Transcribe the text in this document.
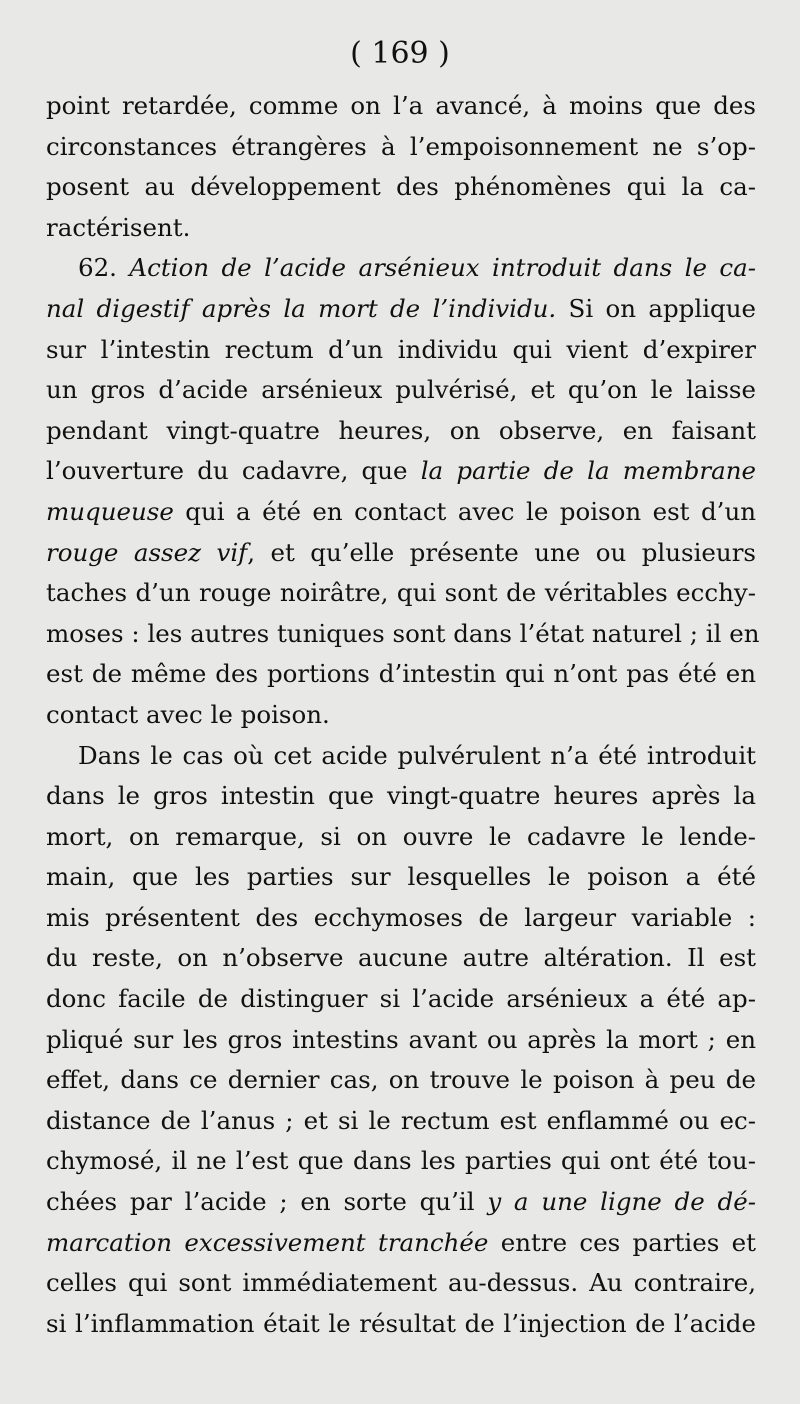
( 169 )
point retardée, comme on l’a avancé, à moins que des
circonstances étrangères à l’empoisonnement ne s’op-
posent au développement des phénomènes qui la ca-
ractérisent.
62. Action de l’acide arsénieux introduit dans le ca-
nal digestif après la mort de l’individu. Si on applique
sur l’intestin rectum d’un individu qui vient d’expirer
un gros d’acide arsénieux pulvérisé, et qu’on le laisse
pendant vingt-quatre heures, on observe, en faisant
l’ouverture du cadavre, que la partie de la membrane
muqueuse qui a été en contact avec le poison est d’un
rouge assez vif, et qu’elle présente une ou plusieurs
taches d’un rouge noirâtre, qui sont de véritables ecchy-
moses : les autres tuniques sont dans l’état naturel ; il en
est de même des portions d’intestin qui n’ont pas été en
contact avec le poison.
Dans le cas où cet acide pulvérulent n’a été introduit
dans le gros intestin que vingt-quatre heures après la
mort, on remarque, si on ouvre le cadavre le lende-
main, que les parties sur lesquelles le poison a été
mis présentent des ecchymoses de largeur variable :
du reste, on n’observe aucune autre altération. Il est
donc facile de distinguer si l’acide arsénieux a été ap-
pliqué sur les gros intestins avant ou après la mort ; en
effet, dans ce dernier cas, on trouve le poison à peu de
distance de l’anus ; et si le rectum est enflammé ou ec-
chymosé, il ne l’est que dans les parties qui ont été tou-
chées par l’acide ; en sorte qu’il y a une ligne de dé-
marcation excessivement tranchée entre ces parties et
celles qui sont immédiatement au-dessus. Au contraire,
si l’inflammation était le résultat de l’injection de l’acide
